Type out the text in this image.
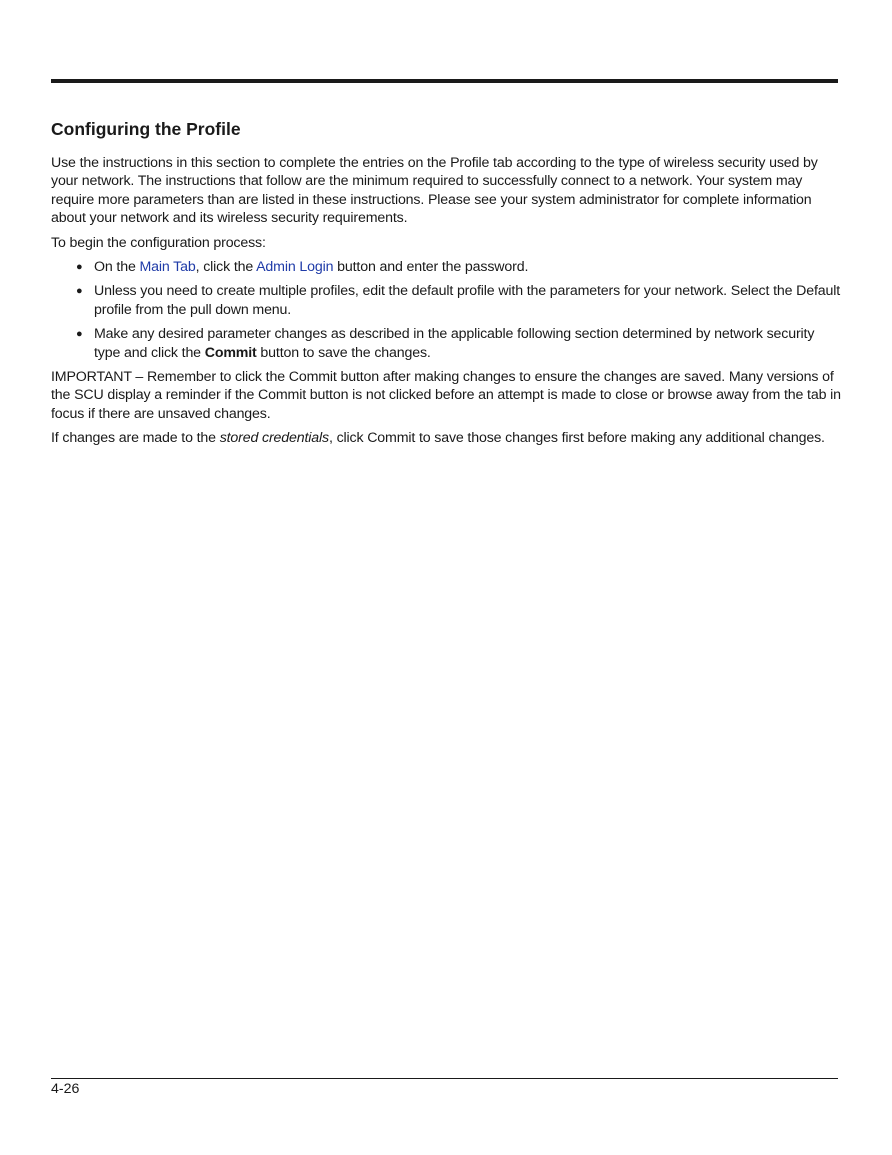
Configuring the Profile

Use the instructions in this section to complete the entries on the Profile tab according to the type of wireless security used by your network. The instructions that follow are the minimum required to successfully connect to a network. Your system may require more parameters than are listed in these instructions. Please see your system administrator for complete information about your network and its wireless security requirements.

To begin the configuration process:

● On the Main Tab, click the Admin Login button and enter the password.
● Unless you need to create multiple profiles, edit the default profile with the parameters for your network. Select the Default profile from the pull down menu.
● Make any desired parameter changes as described in the applicable following section determined by network security type and click the Commit button to save the changes.

IMPORTANT – Remember to click the Commit button after making changes to ensure the changes are saved. Many versions of the SCU display a reminder if the Commit button is not clicked before an attempt is made to close or browse away from the tab in focus if there are unsaved changes.

If changes are made to the stored credentials, click Commit to save those changes first before making any additional changes.

4-26
